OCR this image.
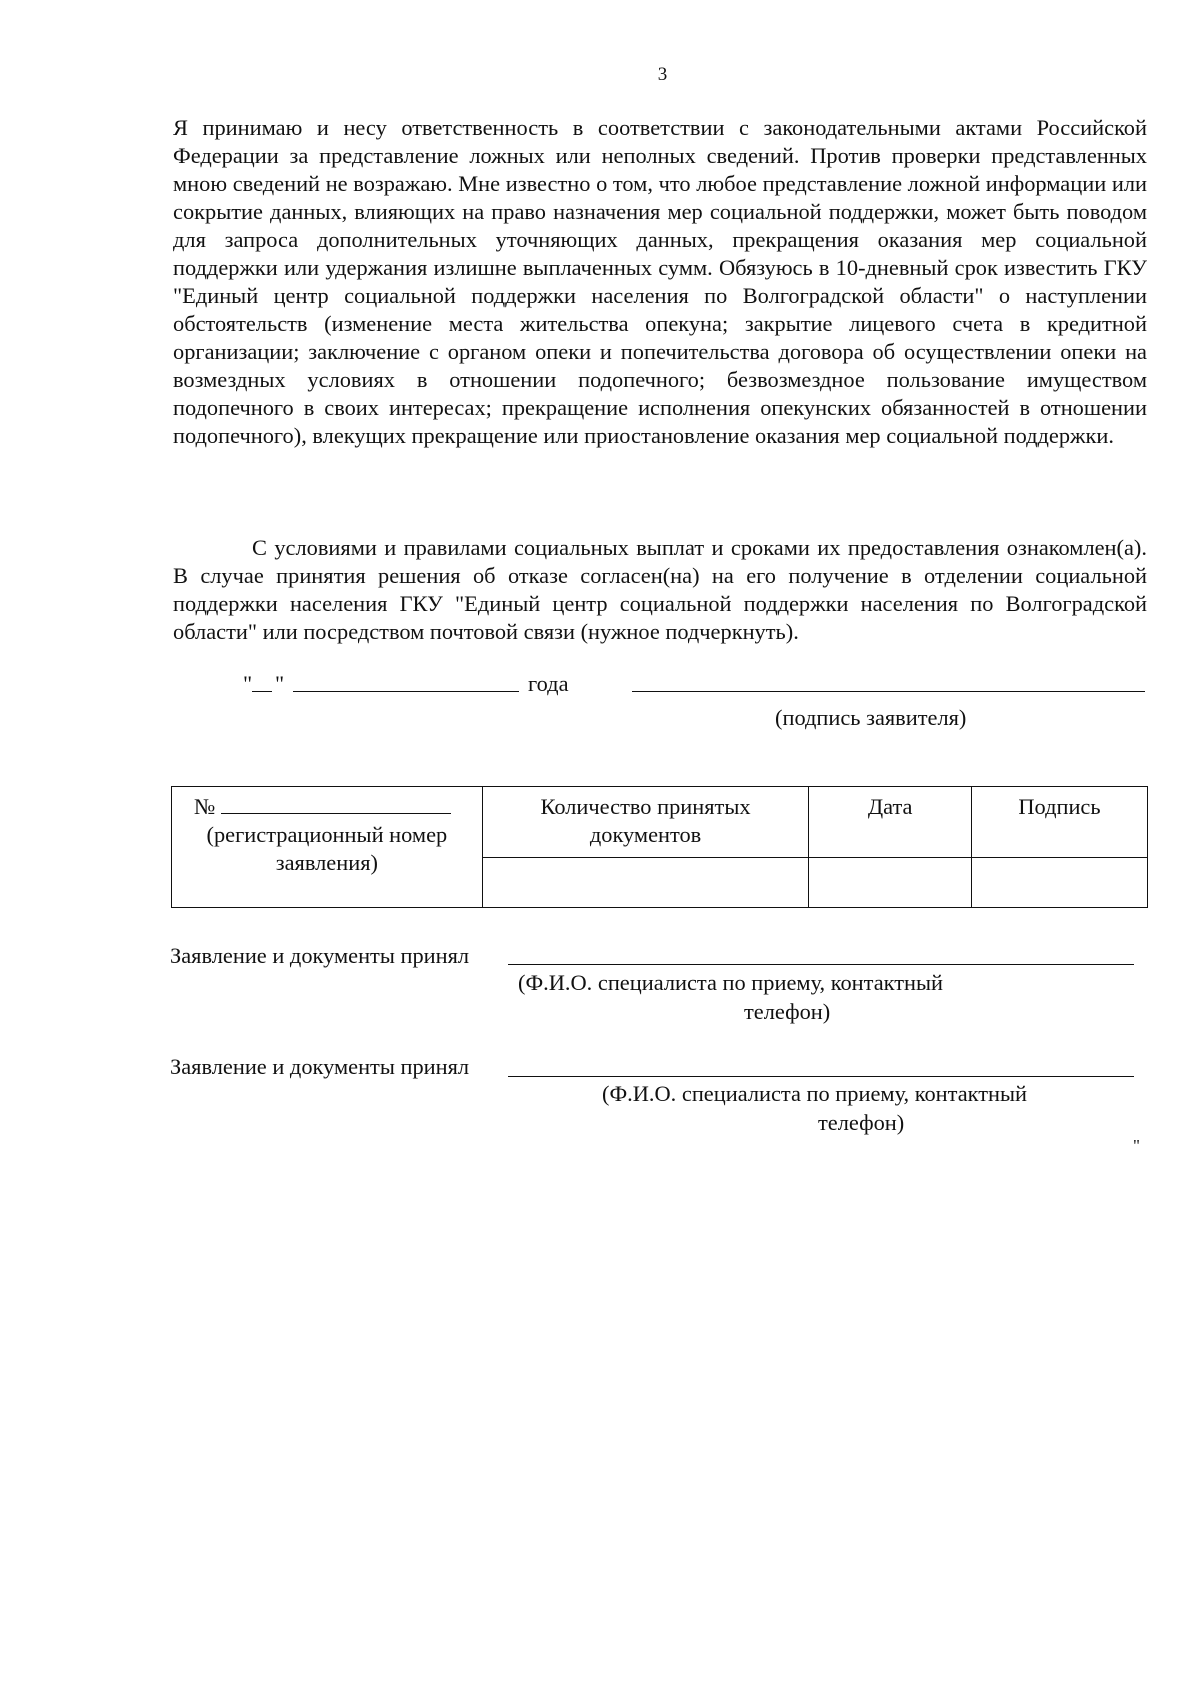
3

Я принимаю и несу ответственность в соответствии с законодательными актами Российской Федерации за представление ложных или неполных сведений. Против проверки представленных мною сведений не возражаю. Мне известно о том, что любое представление ложной информации или сокрытие данных, влияющих на право назначения мер социальной поддержки, может быть поводом для запроса дополнительных уточняющих данных, прекращения оказания мер социальной поддержки или удержания излишне выплаченных сумм. Обязуюсь в 10-дневный срок известить ГКУ "Единый центр социальной поддержки населения по Волгоградской области" о наступлении обстоятельств (изменение места жительства опекуна; закрытие лицевого счета в кредитной организации; заключение с органом опеки и попечительства договора об осуществлении опеки на возмездных условиях в отношении подопечного; безвозмездное пользование имуществом подопечного в своих интересах; прекращение исполнения опекунских обязанностей в отношении подопечного), влекущих прекращение или приостановление оказания мер социальной поддержки.

С условиями и правилами социальных выплат и сроками их предоставления ознакомлен(а). В случае принятия решения об отказе согласен(на) на его получение в отделении социальной поддержки населения ГКУ "Единый центр социальной поддержки населения по Волгоградской области" или посредством почтовой связи (нужное подчеркнуть).

" "	года
(подпись заявителя)
№
(регистрационный номер заявления)	Количество принятых документов	Дата	Подпись

Заявление и документы принял
(Ф.И.О. специалиста по приему, контактный
телефон)
Заявление и документы принял
(Ф.И.О. специалиста по приему, контактный
телефон)
"
